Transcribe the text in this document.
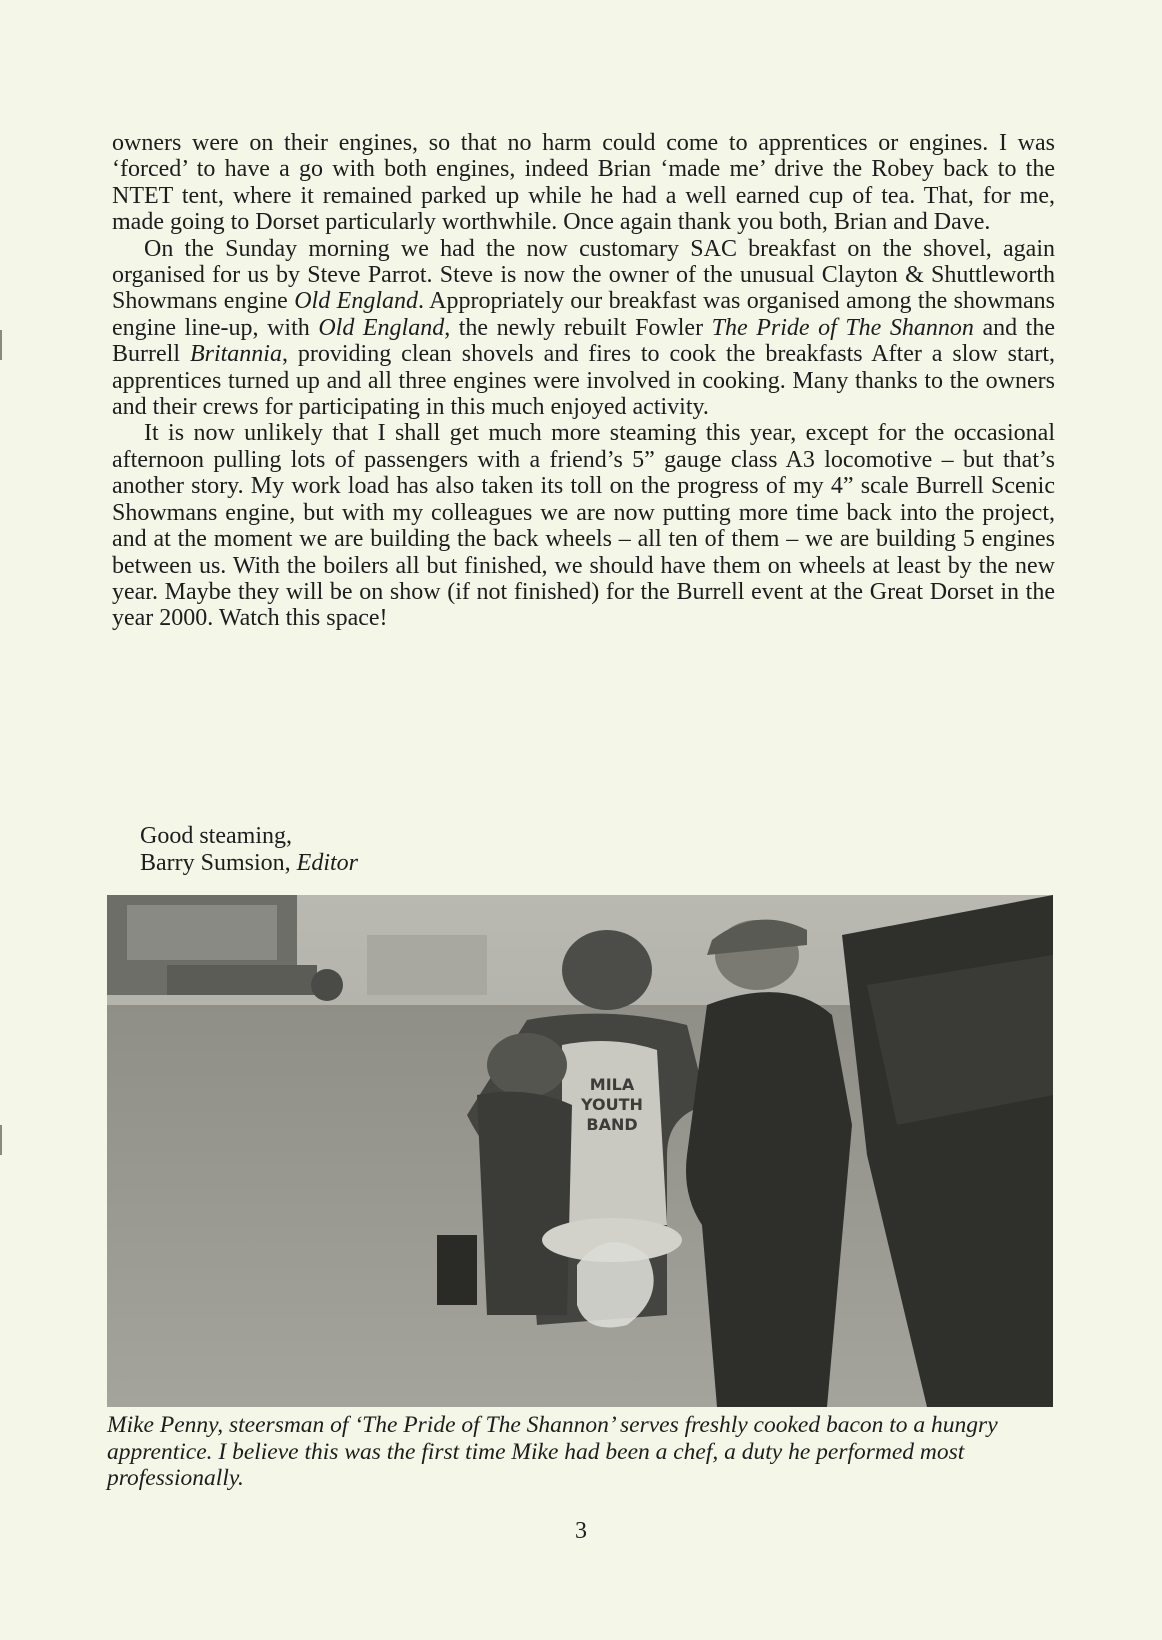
owners were on their engines, so that no harm could come to apprentices or engines. I was ‘forced’ to have a go with both engines, indeed Brian ‘made me’ drive the Robey back to the NTET tent, where it remained parked up while he had a well earned cup of tea. That, for me, made going to Dorset particularly worthwhile. Once again thank you both, Brian and Dave.

On the Sunday morning we had the now customary SAC breakfast on the shovel, again organised for us by Steve Parrot. Steve is now the owner of the unusual Clayton & Shuttleworth Showmans engine Old England. Appropriately our breakfast was organised among the showmans engine line-up, with Old England, the newly rebuilt Fowler The Pride of The Shannon and the Burrell Britannia, providing clean shovels and fires to cook the breakfasts After a slow start, apprentices turned up and all three engines were involved in cooking. Many thanks to the owners and their crews for participating in this much enjoyed activity.

It is now unlikely that I shall get much more steaming this year, except for the occasional afternoon pulling lots of passengers with a friend’s 5” gauge class A3 locomotive – but that’s another story. My work load has also taken its toll on the progress of my 4” scale Burrell Scenic Showmans engine, but with my colleagues we are now putting more time back into the project, and at the moment we are building the back wheels – all ten of them – we are building 5 engines between us. With the boilers all but finished, we should have them on wheels at least by the new year. Maybe they will be on show (if not finished) for the Burrell event at the Great Dorset in the year 2000. Watch this space!

Good steaming,
Barry Sumsion, Editor
MILA
YOUTH
BAND
Mike Penny, steersman of ‘The Pride of The Shannon’ serves freshly cooked bacon to a hungry apprentice. I believe this was the first time Mike had been a chef, a duty he performed most professionally.
3
